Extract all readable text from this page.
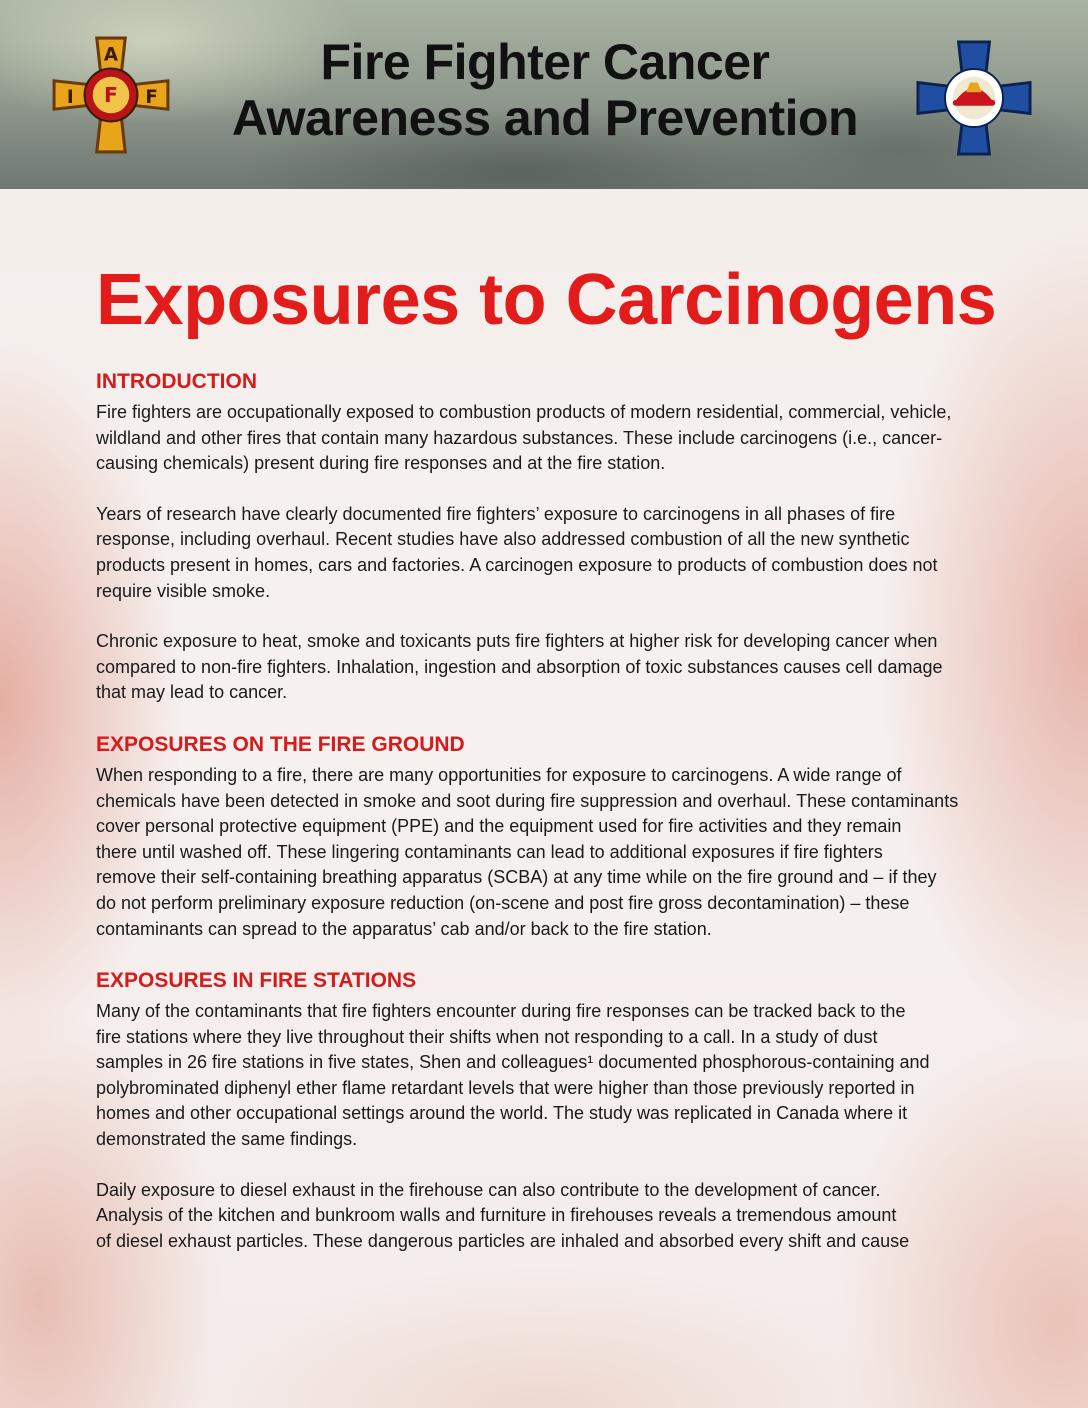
A
I F F
Fire Fighter Cancer
Awareness and Prevention
Exposures to Carcinogens
INTRODUCTION

Fire fighters are occupationally exposed to combustion products of modern residential, commercial, vehicle,
wildland and other fires that contain many hazardous substances. These include carcinogens (i.e., cancer-
causing chemicals) present during fire responses and at the fire station.

Years of research have clearly documented fire fighters’ exposure to carcinogens in all phases of fire
response, including overhaul. Recent studies have also addressed combustion of all the new synthetic
products present in homes, cars and factories. A carcinogen exposure to products of combustion does not
require visible smoke.

Chronic exposure to heat, smoke and toxicants puts fire fighters at higher risk for developing cancer when
compared to non-fire fighters. Inhalation, ingestion and absorption of toxic substances causes cell damage
that may lead to cancer.

EXPOSURES ON THE FIRE GROUND

When responding to a fire, there are many opportunities for exposure to carcinogens. A wide range of
chemicals have been detected in smoke and soot during fire suppression and overhaul. These contaminants
cover personal protective equipment (PPE) and the equipment used for fire activities and they remain
there until washed off. These lingering contaminants can lead to additional exposures if fire fighters
remove their self-containing breathing apparatus (SCBA) at any time while on the fire ground and – if they
do not perform preliminary exposure reduction (on-scene and post fire gross decontamination) – these
contaminants can spread to the apparatus’ cab and/or back to the fire station.

EXPOSURES IN FIRE STATIONS

Many of the contaminants that fire fighters encounter during fire responses can be tracked back to the
fire stations where they live throughout their shifts when not responding to a call. In a study of dust
samples in 26 fire stations in five states, Shen and colleagues¹ documented phosphorous-containing and
polybrominated diphenyl ether flame retardant levels that were higher than those previously reported in
homes and other occupational settings around the world. The study was replicated in Canada where it
demonstrated the same findings.

Daily exposure to diesel exhaust in the firehouse can also contribute to the development of cancer.
Analysis of the kitchen and bunkroom walls and furniture in firehouses reveals a tremendous amount
of diesel exhaust particles. These dangerous particles are inhaled and absorbed every shift and cause
